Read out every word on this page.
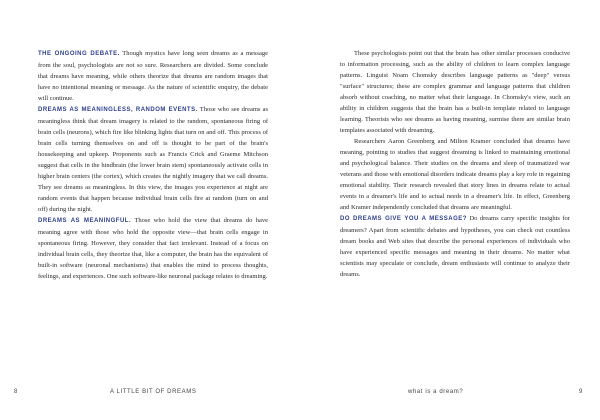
THE ONGOING DEBATE. Though mystics have long seen dreams as a message from the soul, psychologists are not so sure. Researchers are divided. Some conclude that dreams have meaning, while others theorize that dreams are random images that have no intentional meaning or message. As the nature of scientific enquiry, the debate will continue.

DREAMS AS MEANINGLESS, RANDOM EVENTS. Those who see dreams as meaningless think that dream imagery is related to the random, spontaneous firing of brain cells (neurons), which fire like blinking lights that turn on and off. This process of brain cells turning themselves on and off is thought to be part of the brain's housekeeping and upkeep. Proponents such as Francis Crick and Graeme Mitchson suggest that cells in the hindbrain (the lower brain stem) spontaneously activate cells in higher brain centers (the cortex), which creates the nightly imagery that we call dreams. They see dreams as meaningless. In this view, the images you experience at night are random events that happen because individual brain cells fire at random (turn on and off) during the night.

DREAMS AS MEANINGFUL. Those who hold the view that dreams do have meaning agree with those who hold the opposite view—that brain cells engage in spontaneous firing. However, they consider that fact irrelevant. Instead of a focus on individual brain cells, they theorize that, like a computer, the brain has the equivalent of built-in software (neuronal mechanisms) that enables the mind to process thoughts, feelings, and experiences. One such software-like neuronal package relates to dreaming.

These psychologists point out that the brain has other similar processes conducive to information processing, such as the ability of children to learn complex language patterns. Linguist Noam Chomsky describes language patterns as "deep" versus "surface" structures; these are complex grammar and language patterns that children absorb without coaching, no matter what their language. In Chomsky's view, such an ability in children suggests that the brain has a built-in template related to language learning. Theorists who see dreams as having meaning, surmise there are similar brain templates associated with dreaming.

Researchers Aaron Greenberg and Milton Kramer concluded that dreams have meaning, pointing to studies that suggest dreaming is linked to maintaining emotional and psychological balance. Their studies on the dreams and sleep of traumatized war veterans and those with emotional disorders indicate dreams play a key role in regaining emotional stability. Their research revealed that story lines in dreams relate to actual events in a dreamer's life and to actual needs in a dreamer's life. In effect, Greenberg and Kramer independently concluded that dreams are meaningful.

DO DREAMS GIVE YOU A MESSAGE? Do dreams carry specific insights for dreamers? Apart from scientific debates and hypotheses, you can check out countless dream books and Web sites that describe the personal experiences of individuals who have experienced specific messages and meaning in their dreams. No matter what scientists may speculate or conclude, dream enthusiasts will continue to analyze their dreams.

8	A LITTLE BIT OF DREAMS	what is a dream?	9
